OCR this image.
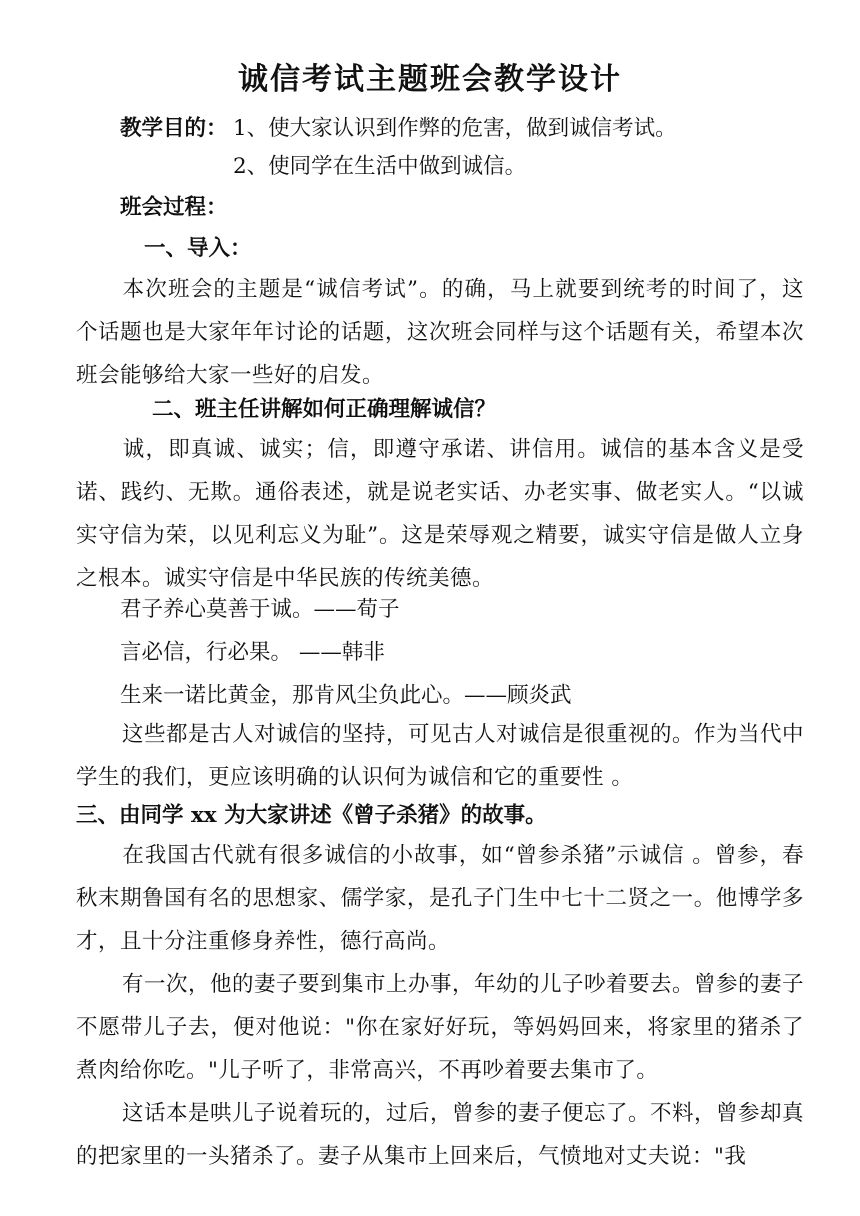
诚信考试主题班会教学设计
教学目的： 1、使大家认识到作弊的危害，做到诚信考试。
2、使同学在生活中做到诚信。
班会过程：
一、导入：
本次班会的主题是“诚信考试”。的确，马上就要到统考的时间了，这个话题也是大家年年讨论的话题，这次班会同样与这个话题有关，希望本次班会能够给大家一些好的启发。
二、班主任讲解如何正确理解诚信？
诚，即真诚、诚实；信，即遵守承诺、讲信用。诚信的基本含义是受诺、践约、无欺。通俗表述，就是说老实话、办老实事、做老实人。“以诚实守信为荣，以见利忘义为耻”。这是荣辱观之精要，诚实守信是做人立身之根本。诚实守信是中华民族的传统美德。
君子养心莫善于诚。——荀子
言必信，行必果。 ——韩非
生来一诺比黄金，那肯风尘负此心。——顾炎武
这些都是古人对诚信的坚持，可见古人对诚信是很重视的。作为当代中学生的我们，更应该明确的认识何为诚信和它的重要性 。
三、由同学 xx 为大家讲述《曾子杀猪》的故事。
在我国古代就有很多诚信的小故事，如“曾参杀猪”示诚信 。曾参，春秋末期鲁国有名的思想家、儒学家，是孔子门生中七十二贤之一。他博学多才，且十分注重修身养性，德行高尚。
有一次，他的妻子要到集市上办事，年幼的儿子吵着要去。曾参的妻子不愿带儿子去，便对他说："你在家好好玩，等妈妈回来，将家里的猪杀了煮肉给你吃。"儿子听了，非常高兴，不再吵着要去集市了。
这话本是哄儿子说着玩的，过后，曾参的妻子便忘了。不料，曾参却真的把家里的一头猪杀了。妻子从集市上回来后，气愤地对丈夫说："我
